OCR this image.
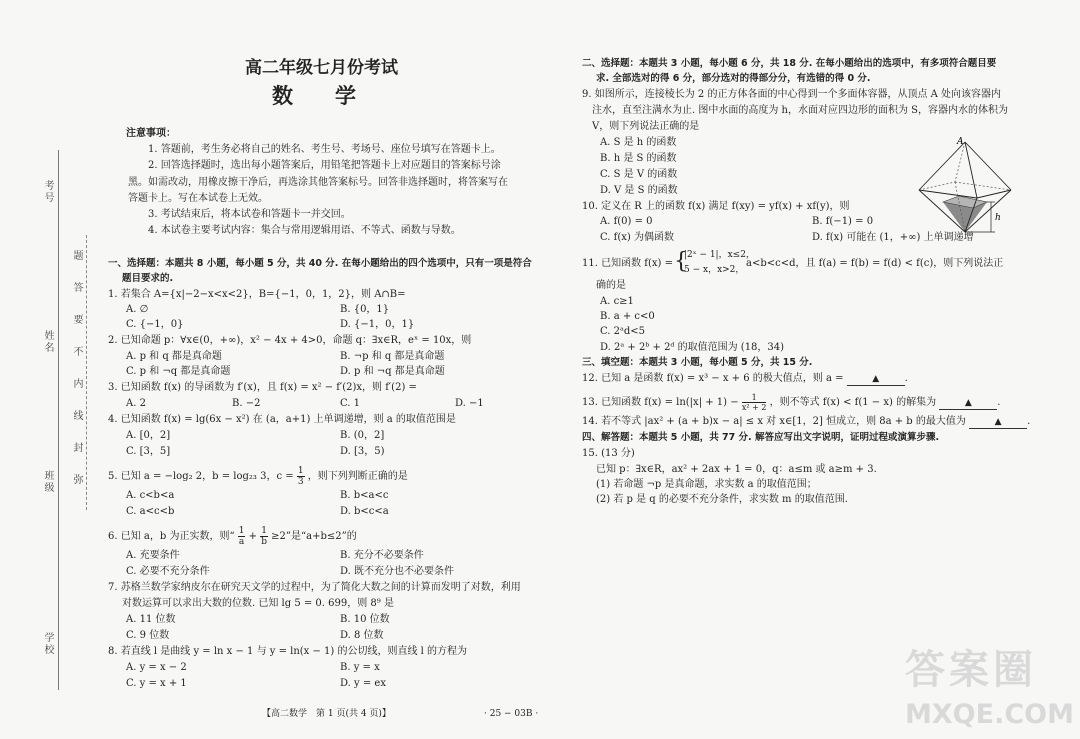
考号
姓名
班级
学校
题
答
要
不
内
线
封
弥
高二年级七月份考试
数　　学
注意事项：
1. 答题前，考生务必将自己的姓名、考生号、考场号、座位号填写在答题卡上。
2. 回答选择题时，选出每小题答案后，用铅笔把答题卡上对应题目的答案标号涂
黑。如需改动，用橡皮擦干净后，再选涂其他答案标号。回答非选择题时，将答案写在
答题卡上。写在本试卷上无效。
3. 考试结束后，将本试卷和答题卡一并交回。
4. 本试卷主要考试内容：集合与常用逻辑用语、不等式、函数与导数。
一、选择题：本题共 8 小题，每小题 5 分，共 40 分. 在每小题给出的四个选项中，只有一项是符合
题目要求的.
1. 若集合 A={x|−2−x<x<2}，B={−1，0，1，2}，则 A∩B=
A. ∅	B. {0，1}
C. {−1，0}	D. {−1，0，1}
2. 已知命题 p：∀x∈(0，+∞)，x² − 4x + 4>0，命题 q：∃x∈R，eˣ = 10x，则
A. p 和 q 都是真命题	B. ¬p 和 q 都是真命题
C. p 和 ¬q 都是真命题	D. p 和 ¬q 都是真命题
3. 已知函数 f(x) 的导函数为 f′(x)，且 f(x) = x² − f′(2)x，则 f′(2) =
A. 2	B. −2	C. 1	D. −1
4. 已知函数 f(x) = lg(6x − x²) 在 (a，a+1) 上单调递增，则 a 的取值范围是
A. [0，2]	B. (0，2]
C. [3，5]	D. [3，5)
5. 已知 a = −log₂ 2，b = log₂₃ 3，$c = \frac{1}{3}$ ，则下列判断正确的是
A. c<b<a	B. b<a<c
C. a<c<b	D. b<c<a
6. 已知 a，b 为正实数，则“ $\frac{1}{a} + \frac{1}{b} \ge 2$”是“a+b≤2”的
A. 充要条件	B. 充分不必要条件
C. 必要不充分条件	D. 既不充分也不必要条件
7. 苏格兰数学家纳皮尔在研究天文学的过程中，为了简化大数之间的计算而发明了对数，利用
对数运算可以求出大数的位数. 已知 lg 5 = 0. 699，则 8⁹ 是
A. 11 位数	B. 10 位数
C. 9 位数	D. 8 位数
8. 若直线 l 是曲线 y = ln x − 1 与 y = ln(x − 1) 的公切线，则直线 l 的方程为
A. y = x − 2	B. y = x
C. y = x + 1	D. y = ex
【高二数学　第 1 页(共 4 页)】	· 25 − 03B ·
二、选择题：本题共 3 小题，每小题 6 分，共 18 分. 在每小题给出的选项中，有多项符合题目要
求. 全部选对的得 6 分，部分选对的得部分分，有选错的得 0 分.
9. 如图所示，连接棱长为 2 的正方体各面的中心得到一个多面体容器，从顶点 A 处向该容器内
注水，直至注满水为止. 图中水面的高度为 h，水面对应四边形的面积为 S，容器内水的体积为
V，则下列说法正确的是
A. S 是 h 的函数
B. h 是 S 的函数
C. S 是 V 的函数
D. V 是 S 的函数
A
h
10. 定义在 R 上的函数 f(x) 满足 f(xy) = yf(x) + xf(y)，则
A. f(0) = 0	B. f(−1) = 0
C. f(x) 为偶函数	D. f(x) 可能在 (1，+∞) 上单调递增
11. 已知函数 f(x) = {
|2ˣ − 1|，x≤2，
5 − x，x>2，
a<b<c<d，且 f(a) = f(b) = f(d) < f(c)，则下列说法正
确的是
A. c≥1
B. a + c<0
C. 2ᵃd<5
D. 2ᵃ + 2ᵇ + 2ᵈ 的取值范围为 (18，34)
三、填空题：本题共 3 小题，每小题 5 分，共 15 分.
12. 已知 a 是函数 f(x) = x³ − x + 6 的极大值点，则 a =	▲	.
13. 已知函数 $f(x) = \ln(|x| + 1) - \frac{1}{\text{x² + 2}}$ ，则不等式 f(x) < f(1 − x) 的解集为	▲	.
14. 若不等式 |ax² + (a + b)x − a| ≤ x 对 x∈[1，2] 恒成立，则 8a + b 的最大值为	▲	.
四、解答题：本题共 5 小题，共 77 分. 解答应写出文字说明，证明过程或演算步骤.
15. (13 分)
已知 p：∃x∈R，ax² + 2ax + 1 = 0，q：a≤m 或 a≥m + 3.
(1) 若命题 ¬p 是真命题，求实数 a 的取值范围；
(2) 若 p 是 q 的必要不充分条件，求实数 m 的取值范围.
答案圈
MXQE.COM
